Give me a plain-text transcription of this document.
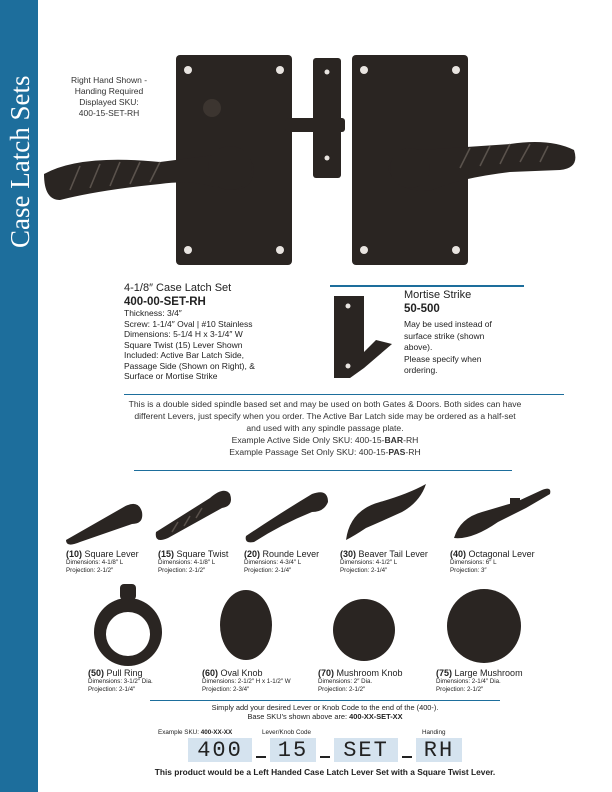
Case Latch Sets	Right Hand Shown -
Handing Required
Displayed SKU:
400-15-SET-RH
4-1/8″ Case Latch Set
400-00-SET-RH
Thickness: 3/4″
Screw: 1-1/4″ Oval | #10 Stainless
Dimensions: 5-1/4 H x 3-1/4″ W
Square Twist (15) Lever Shown
Included: Active Bar Latch Side,
Passage Side (Shown on Right), &
Surface or Mortise Strike
Mortise Strike
50-500
May be used instead of
surface strike (shown
above).
Please specify when
ordering.
This is a double sided spindle based set and may be used on both Gates & Doors. Both sides can have
different Levers, just specify when you order. The Active Bar Latch side may be ordered as a half-set
and used with any spindle passage plate.
Example Active Side Only SKU: 400-15-BAR-RH
Example Passage Set Only SKU: 400-15-PAS-RH
(10) Square Lever
Dimensions: 4-1/8″ L
Projection: 2-1/2″
(15) Square Twist
Dimensions: 4-1/8″ L
Projection: 2-1/2″
(20) Rounde Lever
Dimensions: 4-3/4″ L
Projection: 2-1/4″
(30) Beaver Tail Lever
Dimensions: 4-1/2″ L
Projection: 2-1/4″
(40) Octagonal Lever
Dimensions: 6″ L
Projection: 3″
(50) Pull Ring
Dimensions: 3-1/2″ Dia.
Projection: 2-1/4″
(60) Oval Knob
Dimensions: 2-1/2″ H x 1-1/2″ W
Projection: 2-3/4″
(70) Mushroom Knob
Dimensions: 2″ Dia.
Projection: 2-1/2″
(75) Large Mushroom
Dimensions: 2-1/4″ Dia.
Projection: 2-1/2″
Simply add your desired Lever or Knob Code to the end of the (400-).
Base SKU's shown above are: 400-XX-SET-XX
Example SKU: 400-XX-XX	Lever/Knob Code	Handing
400 15 SET RH
This product would be a Left Handed Case Latch Lever Set with a Square Twist Lever.
